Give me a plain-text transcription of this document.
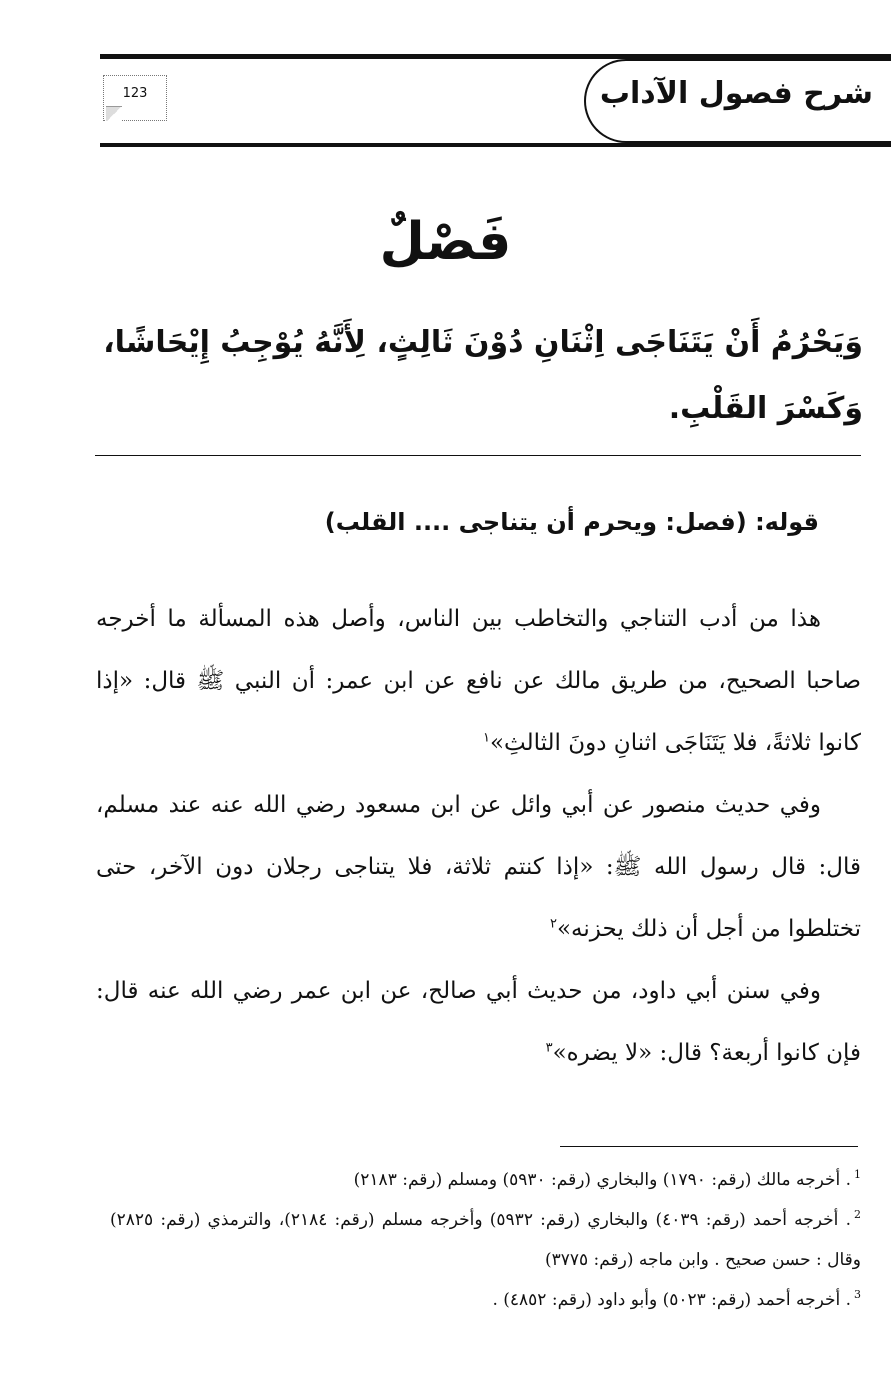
شرح فصول الآداب
123
فَصْلٌ
وَيَحْرُمُ أَنْ يَتَنَاجَى اِثْنَانِ دُوْنَ ثَالِثٍ، لِأَنَّهُ يُوْجِبُ إِيْحَاشًا، وَكَسْرَ القَلْبِ.
قوله: (فصل: ويحرم أن يتناجى .... القلب)

هذا من أدب التناجي والتخاطب بين الناس، وأصل هذه المسألة ما أخرجه صاحبا الصحيح، من طريق مالك عن نافع عن ابن عمر: أن النبي ﷺ قال: «إذا كانوا ثلاثةً، فلا يَتَنَاجَى اثنانِ دونَ الثالثِ»$^١$

وفي حديث منصور عن أبي وائل عن ابن مسعود رضي الله عنه عند مسلم، قال: قال رسول الله ﷺ: «إذا كنتم ثلاثة، فلا يتناجى رجلان دون الآخر، حتى تختلطوا من أجل أن ذلك يحزنه»$^٢$

وفي سنن أبي داود، من حديث أبي صالح، عن ابن عمر رضي الله عنه قال: فإن كانوا أربعة؟ قال: «لا يضره»$^٣$

$^1$. أخرجه مالك (رقم: ١٧٩٠) والبخاري (رقم: ٥٩٣٠) ومسلم (رقم: ٢١٨٣)

$^2$. أخرجه أحمد (رقم: ٤٠٣٩) والبخاري (رقم: ٥٩٣٢) وأخرجه مسلم (رقم: ٢١٨٤)، والترمذي (رقم: ٢٨٢٥) وقال : حسن صحيح . وابن ماجه (رقم: ٣٧٧٥)

$^3$. أخرجه أحمد (رقم: ٥٠٢٣) وأبو داود (رقم: ٤٨٥٢) .
